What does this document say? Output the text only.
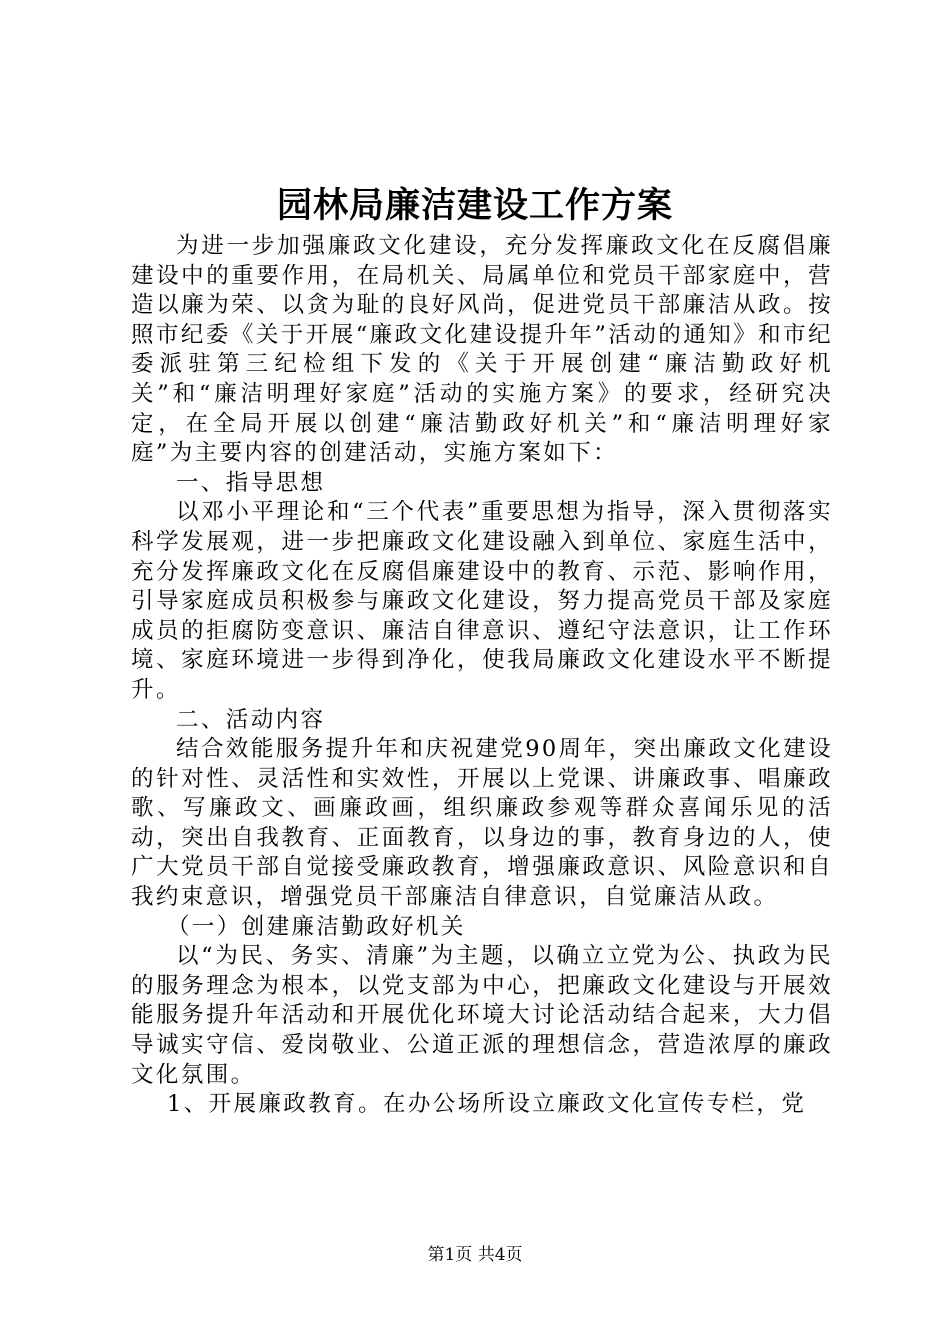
园林局廉洁建设工作方案

为进一步加强廉政文化建设，充分发挥廉政文化在反腐倡廉建设中的重要作用，在局机关、局属单位和党员干部家庭中，营造以廉为荣、以贪为耻的良好风尚，促进党员干部廉洁从政。按照市纪委《关于开展“廉政文化建设提升年”活动的通知》和市纪委派驻第三纪检组下发的《关于开展创建“廉洁勤政好机关”和“廉洁明理好家庭”活动的实施方案》的要求，经研究决定，在全局开展以创建“廉洁勤政好机关”和“廉洁明理好家庭”为主要内容的创建活动，实施方案如下：

一、指导思想

以邓小平理论和“三个代表”重要思想为指导，深入贯彻落实科学发展观，进一步把廉政文化建设融入到单位、家庭生活中，充分发挥廉政文化在反腐倡廉建设中的教育、示范、影响作用，引导家庭成员积极参与廉政文化建设，努力提高党员干部及家庭成员的拒腐防变意识、廉洁自律意识、遵纪守法意识，让工作环境、家庭环境进一步得到净化，使我局廉政文化建设水平不断提升。

二、活动内容

结合效能服务提升年和庆祝建党90周年，突出廉政文化建设的针对性、灵活性和实效性，开展以上党课、讲廉政事、唱廉政歌、写廉政文、画廉政画，组织廉政参观等群众喜闻乐见的活动，突出自我教育、正面教育，以身边的事，教育身边的人，使广大党员干部自觉接受廉政教育，增强廉政意识、风险意识和自我约束意识，增强党员干部廉洁自律意识，自觉廉洁从政。

（一）创建廉洁勤政好机关

以“为民、务实、清廉”为主题，以确立立党为公、执政为民的服务理念为根本，以党支部为中心，把廉政文化建设与开展效能服务提升年活动和开展优化环境大讨论活动结合起来，大力倡导诚实守信、爱岗敬业、公道正派的理想信念，营造浓厚的廉政文化氛围。

1、开展廉政教育。在办公场所设立廉政文化宣传专栏，党

第1页 共4页
